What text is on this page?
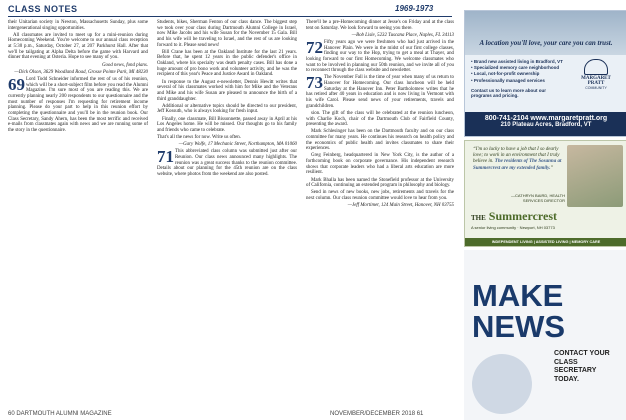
CLASS NOTES	1969-1973

their Unitarian society in Newton, Massachusetts Sunday, plus some intergenerational singing opportunities.

All classmates are invited to meet up for a mini-reunion during Homecoming Weekend. You're welcome to our annual class reception at 5:30 p.m., Saturday, October 27, at 207 Parkhurst Hall. After that we'll be tailgating at Alpha Delta before the game with Harvard and dinner that evening at Osteria. Hope to see many of you.

Good news, fond plans.

—Dick Olson, 3629 Woodland Road, Grosse Pointe Park, MI 48230

69 Lord Todd Schneider informed the rest of us of his reunion, which will be a short-subject film before you read the Alumni Magazine. I'm sure most of you are reading this. We are currently planning nearly 200 respondents to our questionnaire and the most number of responses I'm requesting for retirement income planning. Please do your part to help in this reunion effort by completing the questionnaire and you'll be in the reunion book. Our Class Secretary, Sandy Ahern, has been the most terrific and received e-mails from classmates again with news and we are running some of the story in the questionnaire.

Students, bikes, Sherman Fenton of our class dance. The biggest step we took over your class during Dartmouth Alumni College in Israel, now Mike Jacobs and his wife Susan for the November 15 Gala. Bill and his wife will be traveling to Israel, and the rest of us are looking forward to it. Please send news!

Bill Crane has been at the Oakland Institute for the last 21 years. Before that, he spent 12 years in the public defender's office in Oakland, where his specialty was death penalty cases. Bill has done a huge amount of pro bono work and volunteer activity, and he was the recipient of this year's Peace and Justice Award in Oakland.

In response to the August e-newsletter, Dennis Hewitt writes that several of his classmates worked with him for Mike and the Veterans and Mike and his wife Susan are pleased to announce the birth of a third granddaughter.

Additional or alternative topics should be directed to our president, Jeff Kossuth, who is always looking for fresh input.

Finally, one classmate, Bill Bissonnette, passed away in April at his Los Angeles home. He will be missed. Our thoughts go to his family and friends who came to celebrate.

That's all the news for now. Write us often.

—Gary Wolfe, 17 Mechanic Street, Northampton, MA 01060

71 This abbreviated class column was submitted just after our Reunion. Our class news announced many highlights. The reunion was a great success thanks to the reunion committee. Details about our planning for the 45th reunion are on the class website, where photos from the weekend are also posted.

There'll be a pre-Homecoming dinner at Jesse's on Friday and at the class tent on Saturday. We look forward to seeing you there.

—Bob Lisle, 5232 Tuscana Place, Naples, FL 34113

72 Fifty years ago we were freshmen who had just arrived in the Hanover Plain. We were in the midst of our first college classes, finding our way to the Hop, trying to get a meal at Thayer, and looking forward to our first Homecoming. We welcome classmates who want to be involved in planning our 50th reunion, and we invite all of you to reconnect through the class website and newsletter.

73 The November Fall is the time of year when many of us return to Hanover for Homecoming. Our class luncheon will be held Saturday at the Hanover Inn. Peter Bartholomew writes that he has retired after 40 years in education and is now living in Vermont with his wife Carol. Please send news of your retirements, travels and grandchildren.

sion. The gift of the class will be celebrated at the reunion luncheon, with Charlie Koch, chair of the Dartmouth Club of Fairfield County, presenting the award.

Mark Schlesinger has been on the Dartmouth faculty and on our class committee for many years. He continues his research on health policy and the economics of public health and invites classmates to share their experiences.

Greg Feinberg, headquartered in New York City, is the author of a forthcoming book on corporate governance. His independent research shows that corporate leaders who had a liberal arts education are more resilient.

Mark Bhalla has been named the Stonefield professor at the University of California, continuing an extended program in philosophy and biology.

Send in news of new books, new jobs, retirements and travels for the next column. Our class reunion committee would love to hear from you.

—Jeff Mortimer, 124 Main Street, Hanover, NH 03755

60 DARTMOUTH ALUMNI MAGAZINE	NOVEMBER/DECEMBER 2018 61
A location you'll love, your care you can trust.
• Brand new assisted living in Bradford, VT
• Specialized memory care neighborhood
• Local, not-for-profit ownership
• Professionally managed services
Contact us to learn more about our programs and pricing.
MARGARET PRATT
COMMUNITY
800-741-2104 www.margaretpratt.org
210 Plateau Acres, Bradford, VT
“I'm so lucky to have a job that I so dearly love; to work in an environment that I truly believe in. The residents of The Sosanna at Summercrest are my extended family.”
—CATHRYN BAIRD, HEALTH SERVICES DIRECTOR
THE Summercrest
A senior living community · Newport, NH 03773
INDEPENDENT LIVING | ASSISTED LIVING | MEMORY CARE
MAKE
NEWS
CONTACT YOUR CLASS SECRETARY TODAY.
